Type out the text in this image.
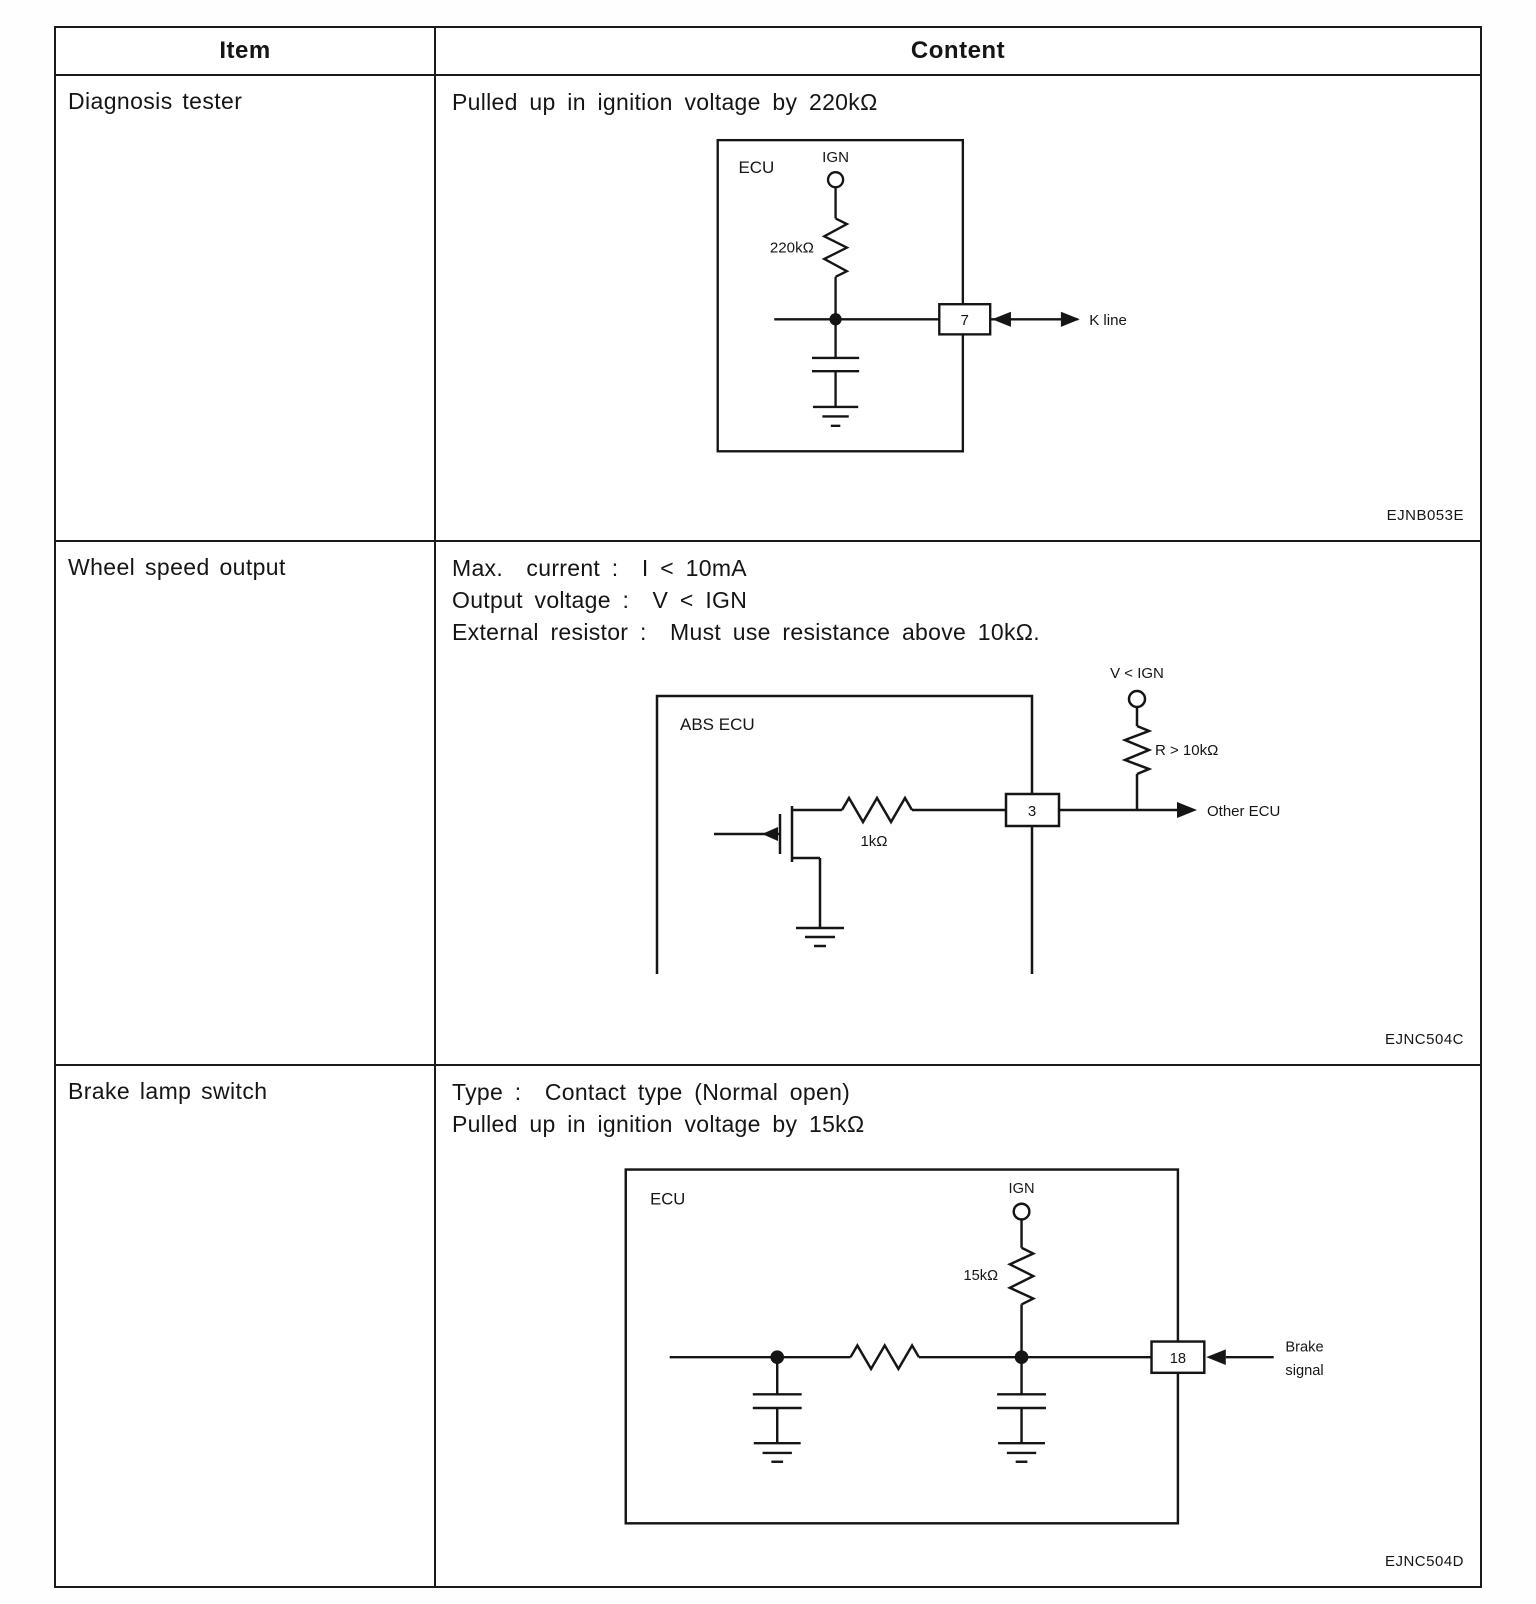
Item	Content
Diagnosis tester	Pulled up in ignition voltage by 220kΩ
ECU
IGN
220kΩ
7	K line
EJNB053E

Wheel speed output	Max.  current :  I < 10mA
Output voltage :  V < IGN
External resistor :  Must use resistance above 10kΩ.
ABS ECU
1kΩ
3	Other ECU
R > 10kΩ
V < IGN
EJNC504C

Brake lamp switch	Type :  Contact type (Normal open)
Pulled up in ignition voltage by 15kΩ
ECU
IGN
15kΩ
18
Brake
signal
EJNC504D
